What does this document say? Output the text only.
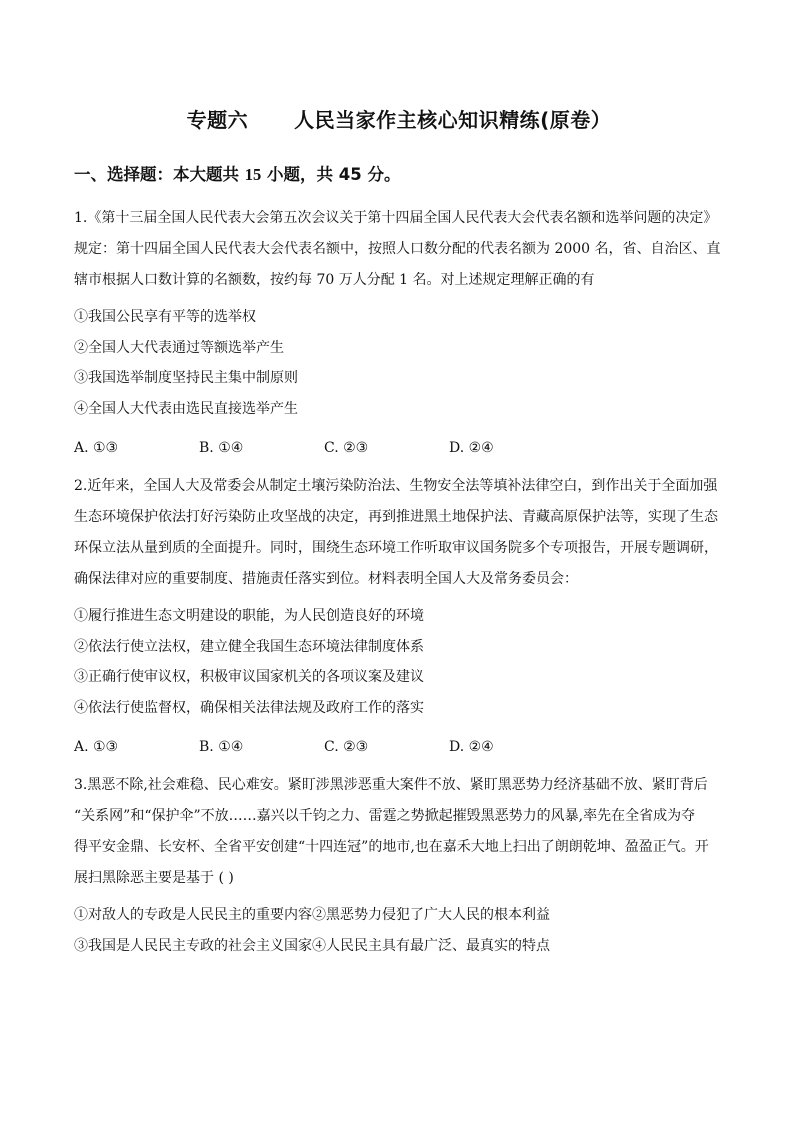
专题六 人民当家作主核心知识精练(原卷）
一、选择题：本大题共 15 小题，共 45 分。
1.《第十三届全国人民代表大会第五次会议关于第十四届全国人民代表大会代表名额和选举问题的决定》
规定：第十四届全国人民代表大会代表名额中，按照人口数分配的代表名额为 2000 名，省、自治区、直
辖市根据人口数计算的名额数，按约每 70 万人分配 1 名。对上述规定理解正确的有

①我国公民享有平等的选举权

②全国人大代表通过等额选举产生

③我国选举制度坚持民主集中制原则

④全国人大代表由选民直接选举产生

A. ①③	B. ①④	C. ②③	D. ②④
2.近年来，全国人大及常委会从制定土壤污染防治法、生物安全法等填补法律空白，到作出关于全面加强
生态环境保护依法打好污染防止攻坚战的决定，再到推进黑土地保护法、青藏高原保护法等，实现了生态
环保立法从量到质的全面提升。同时，围绕生态环境工作听取审议国务院多个专项报告，开展专题调研，
确保法律对应的重要制度、措施责任落实到位。材料表明全国人大及常务委员会：

①履行推进生态文明建设的职能，为人民创造良好的环境

②依法行使立法权，建立健全我国生态环境法律制度体系

③正确行使审议权，积极审议国家机关的各项议案及建议

④依法行使监督权，确保相关法律法规及政府工作的落实

A. ①③	B. ①④	C. ②③	D. ②④
3.黑恶不除,社会难稳、民心难安。紧盯涉黑涉恶重大案件不放、紧盯黑恶势力经济基础不放、紧盯背后
“关系网”和“保护伞”不放……嘉兴以千钧之力、雷霆之势掀起摧毁黑恶势力的风暴,率先在全省成为夺
得平安金鼎、长安杯、全省平安创建“十四连冠”的地市,也在嘉禾大地上扫出了朗朗乾坤、盈盈正气。开
展扫黑除恶主要是基于 ( )

①对敌人的专政是人民民主的重要内容②黑恶势力侵犯了广大人民的根本利益

③我国是人民民主专政的社会主义国家④人民民主具有最广泛、最真实的特点
